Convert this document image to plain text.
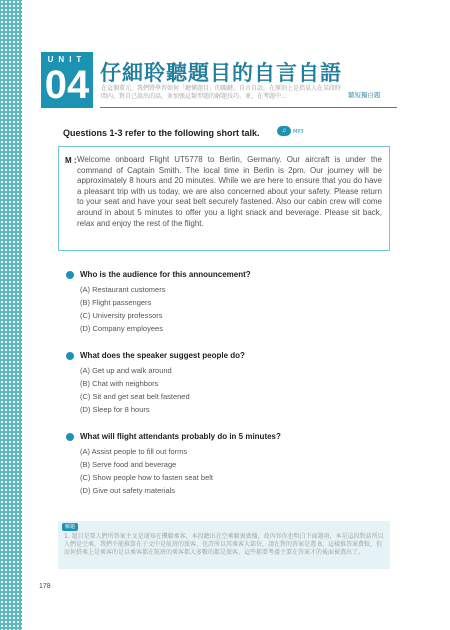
UNIT
04 仔細聆聽題目的自言自語
在這個單元，我們將學習如何「聽懂題目」的關鍵。自言自語，在原則上是指某人在某段時間內，對自己說出的話，並加強這類型題的解題技巧。並，在考題中…	聽短獨白題
Questions 1-3 refer to the following short talk.	♫	MP3
M : Welcome onboard Flight UT5778 to Berlin, Germany. Our aircraft is under the command of Captain Smith. The local time in Berlin is 2pm. Our journey will be approximately 8 hours and 20 minutes. While we are here to ensure that you do have a pleasant trip with us today, we are also concerned about your safety. Please return to your seat and have your seat belt securely fastened. Also our cabin crew will come around in about 5 minutes to offer you a light snack and beverage. Please sit back, relax and enjoy the rest of the flight.
Who is the audience for this announcement?
(A) Restaurant customers
(B) Flight passengers
(C) University professors
(D) Company employees
What does the speaker suggest people do?
(A) Get up and walk around
(B) Chat with neighbors
(C) Sit and get seat belt fastened
(D) Sleep for 8 hours
What will flight attendants probably do in 5 minutes?
(A) Assist people to fill out forms
(B) Serve food and beverage
(C) Show people how to fasten seat belt
(D) Give out safety materials
解題
1. 題目是要人們所答案主文是通知在機艙乘客，本段聽出在空乘艙裏廣播，故內容你也明白下面題項，本是這段對話所以人們是空乘，我們不能推算在于文中是航班的旅客，也許所以其乘客大部份，請在對的答案是選 B，這樣推答案費較，但而何搭乘上是乘客的是以乘客都在航班的乘客都大多數的都是旅客，這些都要考慮主要在答案才的後面被選出了。
178
